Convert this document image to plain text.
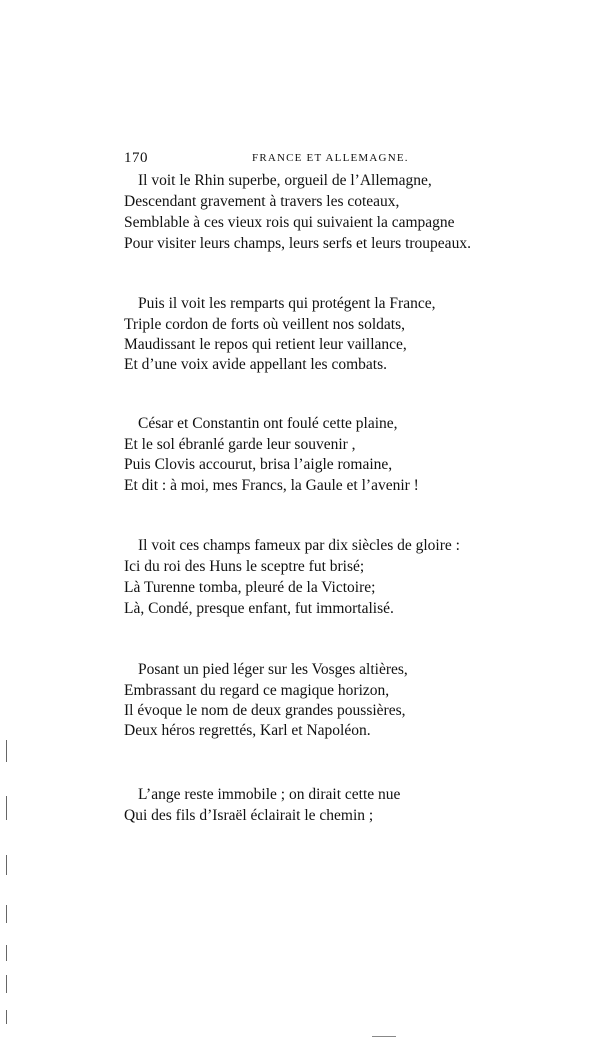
170	FRANCE ET ALLEMAGNE.
Il voit le Rhin superbe, orgueil de l’Allemagne,
Descendant gravement à travers les coteaux,
Semblable à ces vieux rois qui suivaient la campagne
Pour visiter leurs champs, leurs serfs et leurs troupeaux.
Puis il voit les remparts qui protégent la France,
Triple cordon de forts où veillent nos soldats,
Maudissant le repos qui retient leur vaillance,
Et d’une voix avide appellant les combats.
César et Constantin ont foulé cette plaine,
Et le sol ébranlé garde leur souvenir ,
Puis Clovis accourut, brisa l’aigle romaine,
Et dit : à moi, mes Francs, la Gaule et l’avenir !
Il voit ces champs fameux par dix siècles de gloire :
Ici du roi des Huns le sceptre fut brisé;
Là Turenne tomba, pleuré de la Victoire;
Là, Condé, presque enfant, fut immortalisé.
Posant un pied léger sur les Vosges altières,
Embrassant du regard ce magique horizon,
Il évoque le nom de deux grandes poussières,
Deux héros regrettés, Karl et Napoléon.
L’ange reste immobile ; on dirait cette nue
Qui des fils d’Israël éclairait le chemin ;
